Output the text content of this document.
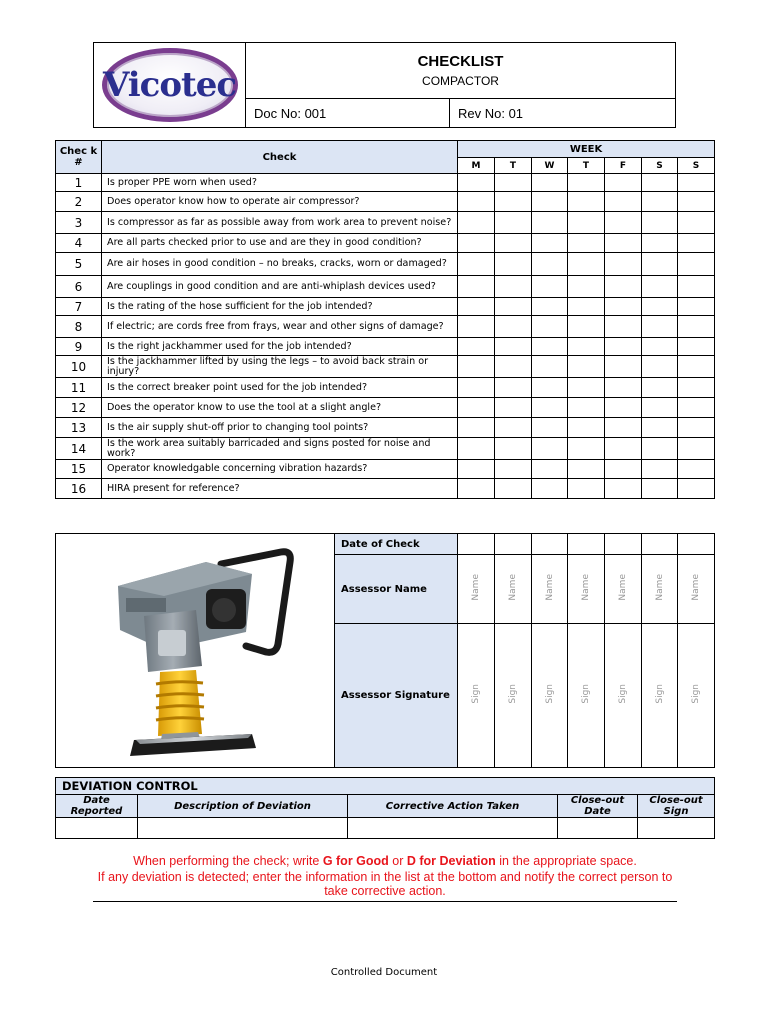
Vicotec	CHECKLIST
COMPACTOR	

	Doc No: 001	Rev No: 01
Chec k #	Check	WEEK						
		M	T	W	T	F	S	S
1	Is proper PPE worn when used?							
2	Does operator know how to operate air compressor?							
3	Is compressor as far as possible away from work area to prevent noise?							
4	Are all parts checked prior to use and are they in good condition?							
5	Are air hoses in good condition – no breaks, cracks, worn or damaged?							
6	Are couplings in good condition and are anti-whiplash devices used?							
7	Is the rating of the hose sufficient for the job intended?							
8	If electric; are cords free from frays, wear and other signs of damage?							
9	Is the right jackhammer used for the job intended?							
10	Is the jackhammer lifted by using the legs – to avoid back strain or injury?							
11	Is the correct breaker point used for the job intended?							
12	Does the operator know to use the tool at a slight angle?							
13	Is the air supply shut-off prior to changing tool points?							
14	Is the work area suitably barricaded and signs posted for noise and work?							
15	Operator knowledgable concerning vibration hazards?							
16	HIRA present for reference?							
	Date of Check							
	Assessor Name	Name	Name	Name	Name	Name	Name	Name
	Assessor Signature	Sign	Sign	Sign	Sign	Sign	Sign	Sign
DEVIATION CONTROL				
Date Reported	Description of Deviation	Corrective Action Taken	Close-out Date	Close-out Sign

When performing the check; write G for Good or D for Deviation in the appropriate space.
If any deviation is detected; enter the information in the list at the bottom and notify the correct person to take corrective action.
Controlled Document
